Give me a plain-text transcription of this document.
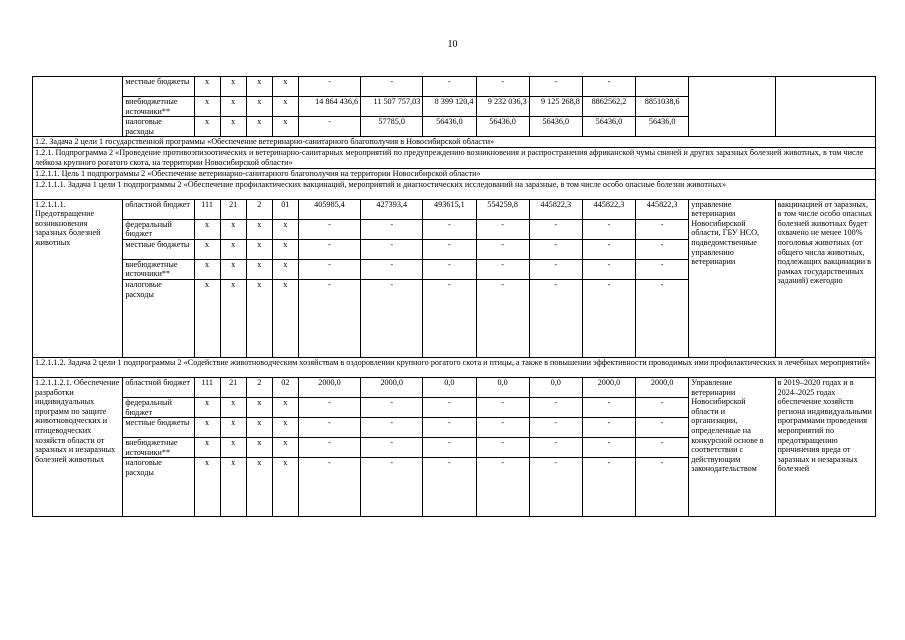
10
	местные бюджеты	x	x	x	x	-	-	-	-	-	-			
	внебюджетные источники**	x	x	x	x	14 864 436,6	11 507 757,03	8 399 120,4	9 232 036,3	9 125 268,8	8862562,2	8851038,6		
	налоговые расходы	x	x	x	x	-	57785,0	56436,0	56436,0	56436,0	56436,0	56436,0		
1.2. Задача 2 цели 1 государственной программы «Обеспечение ветеринарно-санитарного благополучия в Новосибирской области»														
1.2.1. Подпрограмма 2 «Проведение противоэпизоотических и ветеринарно-санитарных мероприятий по предупреждению возникновения и распространения африканской чумы свиней и других заразных болезней животных, в том числе лейкоза крупного рогатого скота, на территории Новосибирской области»														
1.2.1.1. Цель 1 подпрограммы 2 «Обеспечение ветеринарно-санитарного благополучия на территории Новосибирской области»														
1.2.1.1.1. Задача 1 цели 1 подпрограммы 2 «Обеспечение профилактических вакцинаций, мероприятий и диагностических исследований на заразные, в том числе особо опасные болезни животных»														
1.2.1.1.1. Предотвращение возникновения заразных болезней животных	областной бюджет	111	21	2	01	405985,4	427393,4	493615,1	554259,8	445822,3	445822,3	445822,3	управление ветеринарии Новосибирской области, ГБУ НСО, подведомственные управлению ветеринарии	вакцинацией от заразных, в том числе особо опасных болезней животных будет охвачено не менее 100% поголовья животных (от общего числа животных, подлежащих вакцинации в рамках государственных заданий) ежегодно
	федеральный бюджет	x	x	x	x	-	-	-	-	-	-	-		
	местные бюджеты	x	x	x	x	-	-	-	-	-	-	-		
	внебюджетные источники**	x	x	x	x	-	-	-	-	-	-	-		
	налоговые расходы	x	x	x	x	-	-	-	-	-	-	-		
1.2.1.1.2. Задача 2 цели 1 подпрограммы 2 «Содействие животноводческим хозяйствам в оздоровлении крупного рогатого скота и птицы, а также в повышении эффективности проводимых ими профилактических и лечебных мероприятий»														
1.2.1.1.2.1. Обеспечение разработки индивидуальных программ по защите животноводческих и птицеводческих хозяйств области от заразных и незаразных болезней животных	областной бюджет	111	21	2	02	2000,0	2000,0	0,0	0,0	0,0	2000,0	2000,0	Управление ветеринарии Новосибирской области и организации, определенные на конкурсной основе в соответствии с действующим законодательством	в 2019–2020 годах и в 2024–2025 годах обеспечение хозяйств региона индивидуальными программами проведения мероприятий по предотвращению причинения вреда от заразных и незаразных болезней
	федеральный бюджет	x	x	x	x	-	-	-	-	-	-	-		
	местные бюджеты	x	x	x	x	-	-	-	-	-	-	-		
	внебюджетные источники**	x	x	x	x	-	-	-	-	-	-	-		
	налоговые расходы	x	x	x	x	-	-	-	-	-	-	-		
